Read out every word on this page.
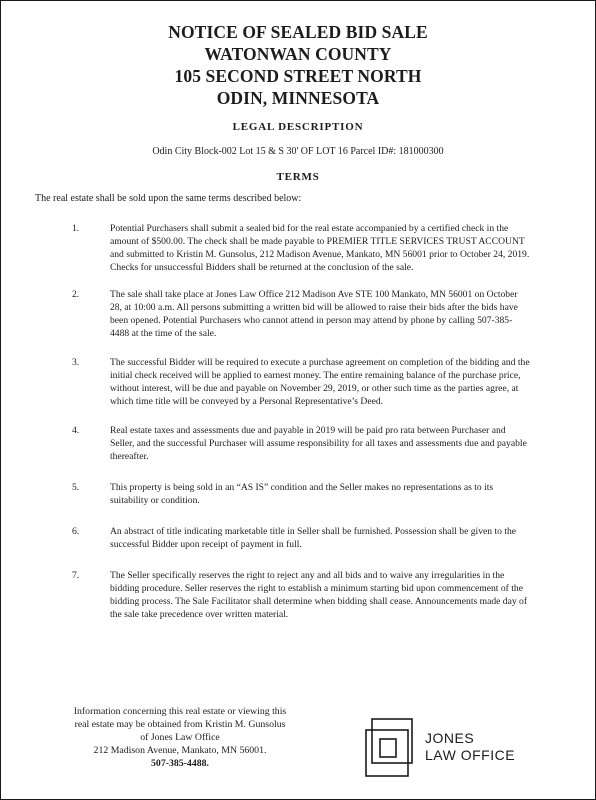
NOTICE OF SEALED BID SALE
WATONWAN COUNTY
105 SECOND STREET NORTH
ODIN, MINNESOTA
LEGAL DESCRIPTION
Odin City Block-002 Lot 15 & S 30' OF LOT 16 Parcel ID#: 181000300
TERMS
The real estate shall be sold upon the same terms described below:
1.	Potential Purchasers shall submit a sealed bid for the real estate accompanied by a certified check in the amount of $500.00. The check shall be made payable to PREMIER TITLE SERVICES TRUST ACCOUNT and submitted to Kristin M. Gunsolus, 212 Madison Avenue, Mankato, MN 56001 prior to October 24, 2019. Checks for unsuccessful Bidders shall be returned at the conclusion of the sale.
2.	The sale shall take place at Jones Law Office 212 Madison Ave STE 100 Mankato, MN 56001 on October 28, at 10:00 a.m. All persons submitting a written bid will be allowed to raise their bids after the bids have been opened. Potential Purchasers who cannot attend in person may attend by phone by calling 507-385-4488 at the time of the sale.
3.	The successful Bidder will be required to execute a purchase agreement on completion of the bidding and the initial check received will be applied to earnest money. The entire remaining balance of the purchase price, without interest, will be due and payable on November 29, 2019, or other such time as the parties agree, at which time title will be conveyed by a Personal Representative’s Deed.
4.	Real estate taxes and assessments due and payable in 2019 will be paid pro rata between Purchaser and Seller, and the successful Purchaser will assume responsibility for all taxes and assessments due and payable thereafter.
5.	This property is being sold in an “AS IS” condition and the Seller makes no representations as to its suitability or condition.
6.	An abstract of title indicating marketable title in Seller shall be furnished. Possession shall be given to the successful Bidder upon receipt of payment in full.
7.	The Seller specifically reserves the right to reject any and all bids and to waive any irregularities in the bidding procedure. Seller reserves the right to establish a minimum starting bid upon commencement of the bidding process. The Sale Facilitator shall determine when bidding shall cease. Announcements made day of the sale take precedence over written material.
Information concerning this real estate or viewing this
real estate may be obtained from Kristin M. Gunsolus
of Jones Law Office
212 Madison Avenue, Mankato, MN 56001.
507-385-4488.
JONES
LAW OFFICE
